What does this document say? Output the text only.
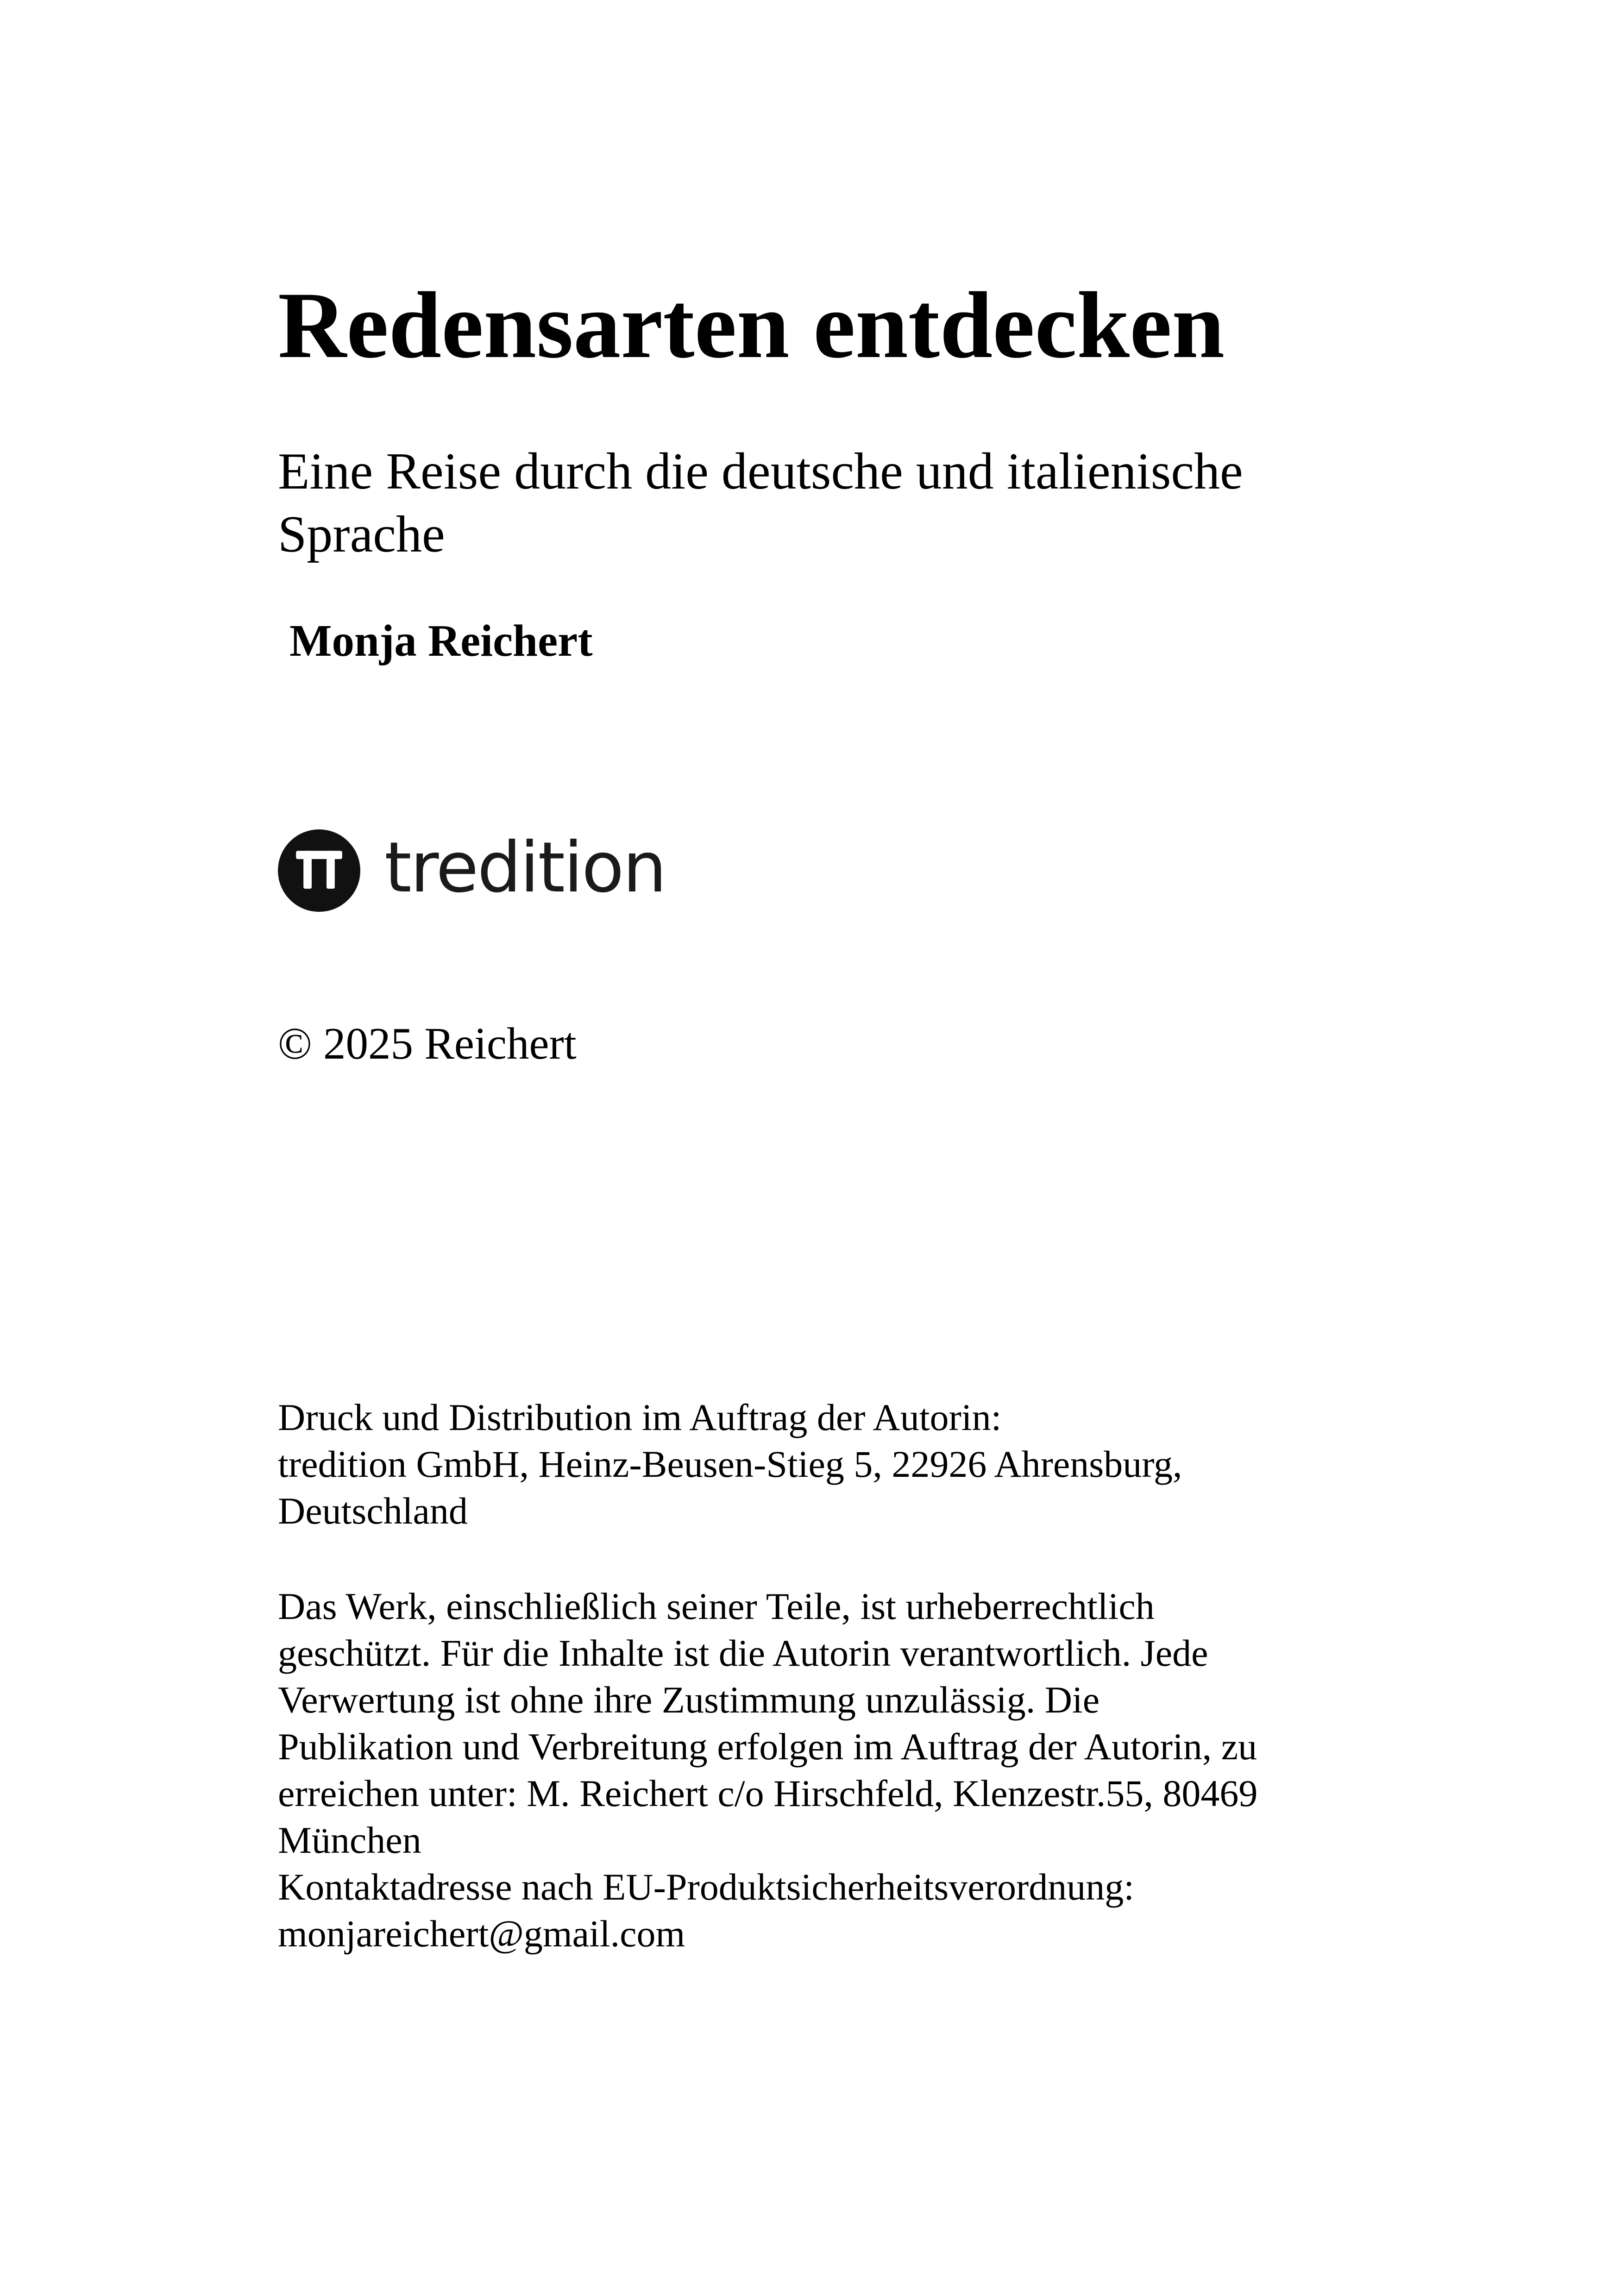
Redensarten entdecken

Eine Reise durch die deutsche und italienische Sprache

Monja Reichert

tredition

© 2025 Reichert

Druck und Distribution im Auftrag der Autorin:
tredition GmbH, Heinz-Beusen-Stieg 5, 22926 Ahrensburg,
Deutschland

Das Werk, einschließlich seiner Teile, ist urheberrechtlich
geschützt. Für die Inhalte ist die Autorin verantwortlich. Jede
Verwertung ist ohne ihre Zustimmung unzulässig. Die
Publikation und Verbreitung erfolgen im Auftrag der Autorin, zu
erreichen unter: M. Reichert c/o Hirschfeld, Klenzestr.55, 80469
München
Kontaktadresse nach EU-Produktsicherheitsverordnung:
monjareichert@gmail.com
